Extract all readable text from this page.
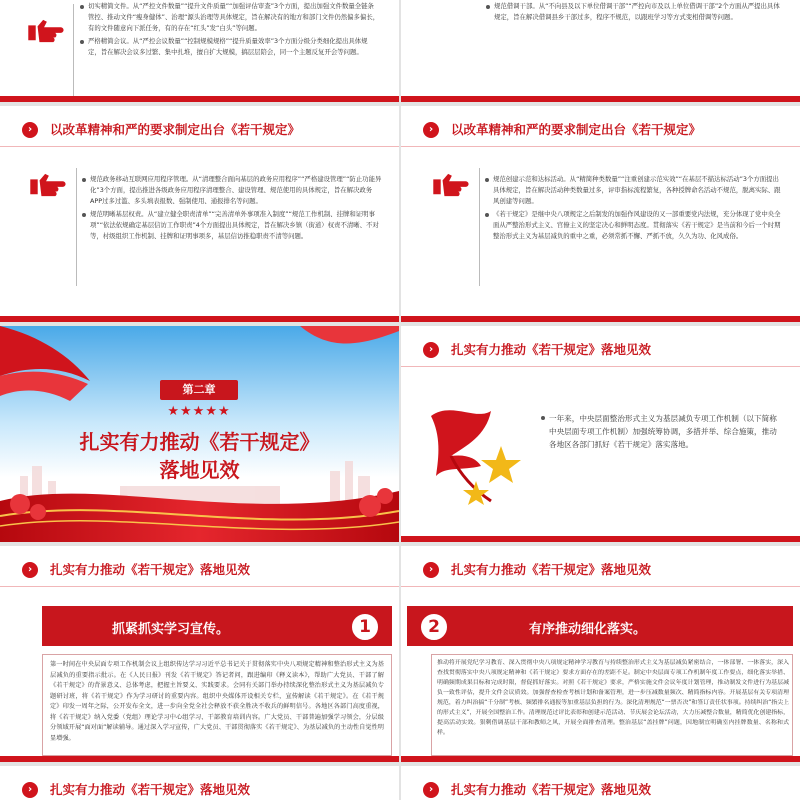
切实精简文件。从“严控文件数量”“提升文件质量”“加强评估审查”3个方面，提出加强文件数量全链条管控、推动文件“瘦身健体”、治理“源头治理等具体规定，旨在解决有的地方和部门文件仍然偏多偏长，有的文件随意向下派任务，有的存在“红头”发“白头”等问题。

严格精简会议。从“严控会议数量”“控制规模规格”“提升质量效率”3个方面分级分类细化提出具体规定，旨在解决会议多过繁、集中扎堆，擅自扩大规模，搞层层陪会，同一个主题反复开会等问题。

规范借调干部。从“不向县及以下单位借调干部”“严控向市及以上单位借调干部”2个方面从严提出具体规定，旨在解决借调县乡干部过多，程序不规范，以跟班学习等方式变相借调等问题。

›	以改革精神和严的要求制定出台《若干规定》

规范政务移动互联网应用程序管理。从“清理整合面向基层的政务应用程序”“严格建设管理”“防止功能异化”3个方面，提出推进各级政务应用程序清理整合、建设管理、规范使用的具体规定，旨在解决政务APP过多过滥、多头填表报数、强制使用、通报排名等问题。

规范明晰基层权责。从“建立健全职责清单”“完善清单外事项准入制度”“规范工作机制、挂牌和证明事项”“依法依规确定基层信访工作职责”4个方面提出具体规定，旨在解决乡镇（街道）权责不清晰、不对等，村级组织工作机制、挂牌和证明事项多，基层信访推稳职责不清等问题。

›	以改革精神和严的要求制定出台《若干规定》

规范创建示范和达标活动。从“精简种类数量”“注重创建示范实效”“在基层不描达标活动”3个方面提出具体规定，旨在解决活动种类数量过多，评审指标流程繁复，各种授牌命名活动不规范，脱离实际、跟风创建等问题。

《若干规定》是继中央八项规定之后制发的加强作风建设的又一部重要党内法规，充分体现了党中央全面从严整治形式主义、官僚主义的坚定决心和鲜明态度。贯彻落实《若干规定》是当前和今后一个时期整治形式主义为基层减负的重中之重，必须常抓不懈、严抓不放，久久为功、化风成俗。

第二章
★★★★★
扎实有力推动《若干规定》
落地见效
›	扎实有力推动《若干规定》落地见效

一年来，中央层面整治形式主义为基层减负专项工作机制（以下简称中央层面专项工作机制）加强统筹协调，多措并举、综合施策，推动各地区各部门抓好《若干规定》落实落地。

›	扎实有力推动《若干规定》落地见效
抓紧抓实学习宣传。	1
第一时间在中央层面专项工作机制会议上组织传达学习习近平总书记关于贯彻落实中央八项规定精神和整治形式主义为基层减负的重要指示批示。在《人民日报》刊发《若干规定》答记者问，跟进编印《释义读本》，帮助广大党员、干部了解《若干规定》的背景意义、总体考虑，把握主旨要义、实践要求。会同有关部门举办持续深化整治形式主义为基层减负专题研讨班，将《若干规定》作为学习研讨的重要内容。组织中央媒体开设相关专栏，宣传解读《若干规定》。在《若干规定》印发一周年之际，公开发布全文，进一步向全党全社会释放不获全胜决不收兵的鲜明信号。各地区各部门高度重视，将《若干规定》纳入党委（党组）理论学习中心组学习、干部教育培训内容。广大党员、干部普遍加强学习领会，分层级分领域开展“面对面”解读辅导。通过深入学习宣传，广大党员、干部贯彻落实《若干规定》、为基层减负的主动性自觉性明显增强。
›	扎实有力推动《若干规定》落地见效
2	有序推动细化落实。
推动将开展党纪学习教育、深入贯彻中央八项规定精神学习教育与持续整治形式主义为基层减负紧密结合，一体部署、一体落实，深入查找贯彻落实中央八项规定精神和《若干规定》要求方面存在的差距不足。制定中央层面专项工作机制年度工作要点，细化落实举措、明确频期成果目标和完成时限，督促抓好落实。对照《若干规定》要求，严格实施文件会议年度计划管理，推动制发文件进行为基层减负一致性评估，提升文件会议质效。加强督查检查考核计划和备案管理，进一步压减数量频次、精简指标内容。开展基层有关专项清理规范，着力纠治搞“千分制”考核、频繁排名通报等加重基层负担的行为。深化清理规范“一票否决”和签订责任状事项。持续纠治“指尖上的形式主义”，开展全国整治工作。清理规范过评比表彰和创建示范活动、节庆展会论坛活动，大力压减整合数量，精简优化创建指标，提高活动实效。狠剩借调基层干部和教师之风，开展全面排查清理。整治基层“盖挂牌”问题，因地制宜明确室内挂牌数量、名称和式样。
›	扎实有力推动《若干规定》落地见效	›	扎实有力推动《若干规定》落地见效
